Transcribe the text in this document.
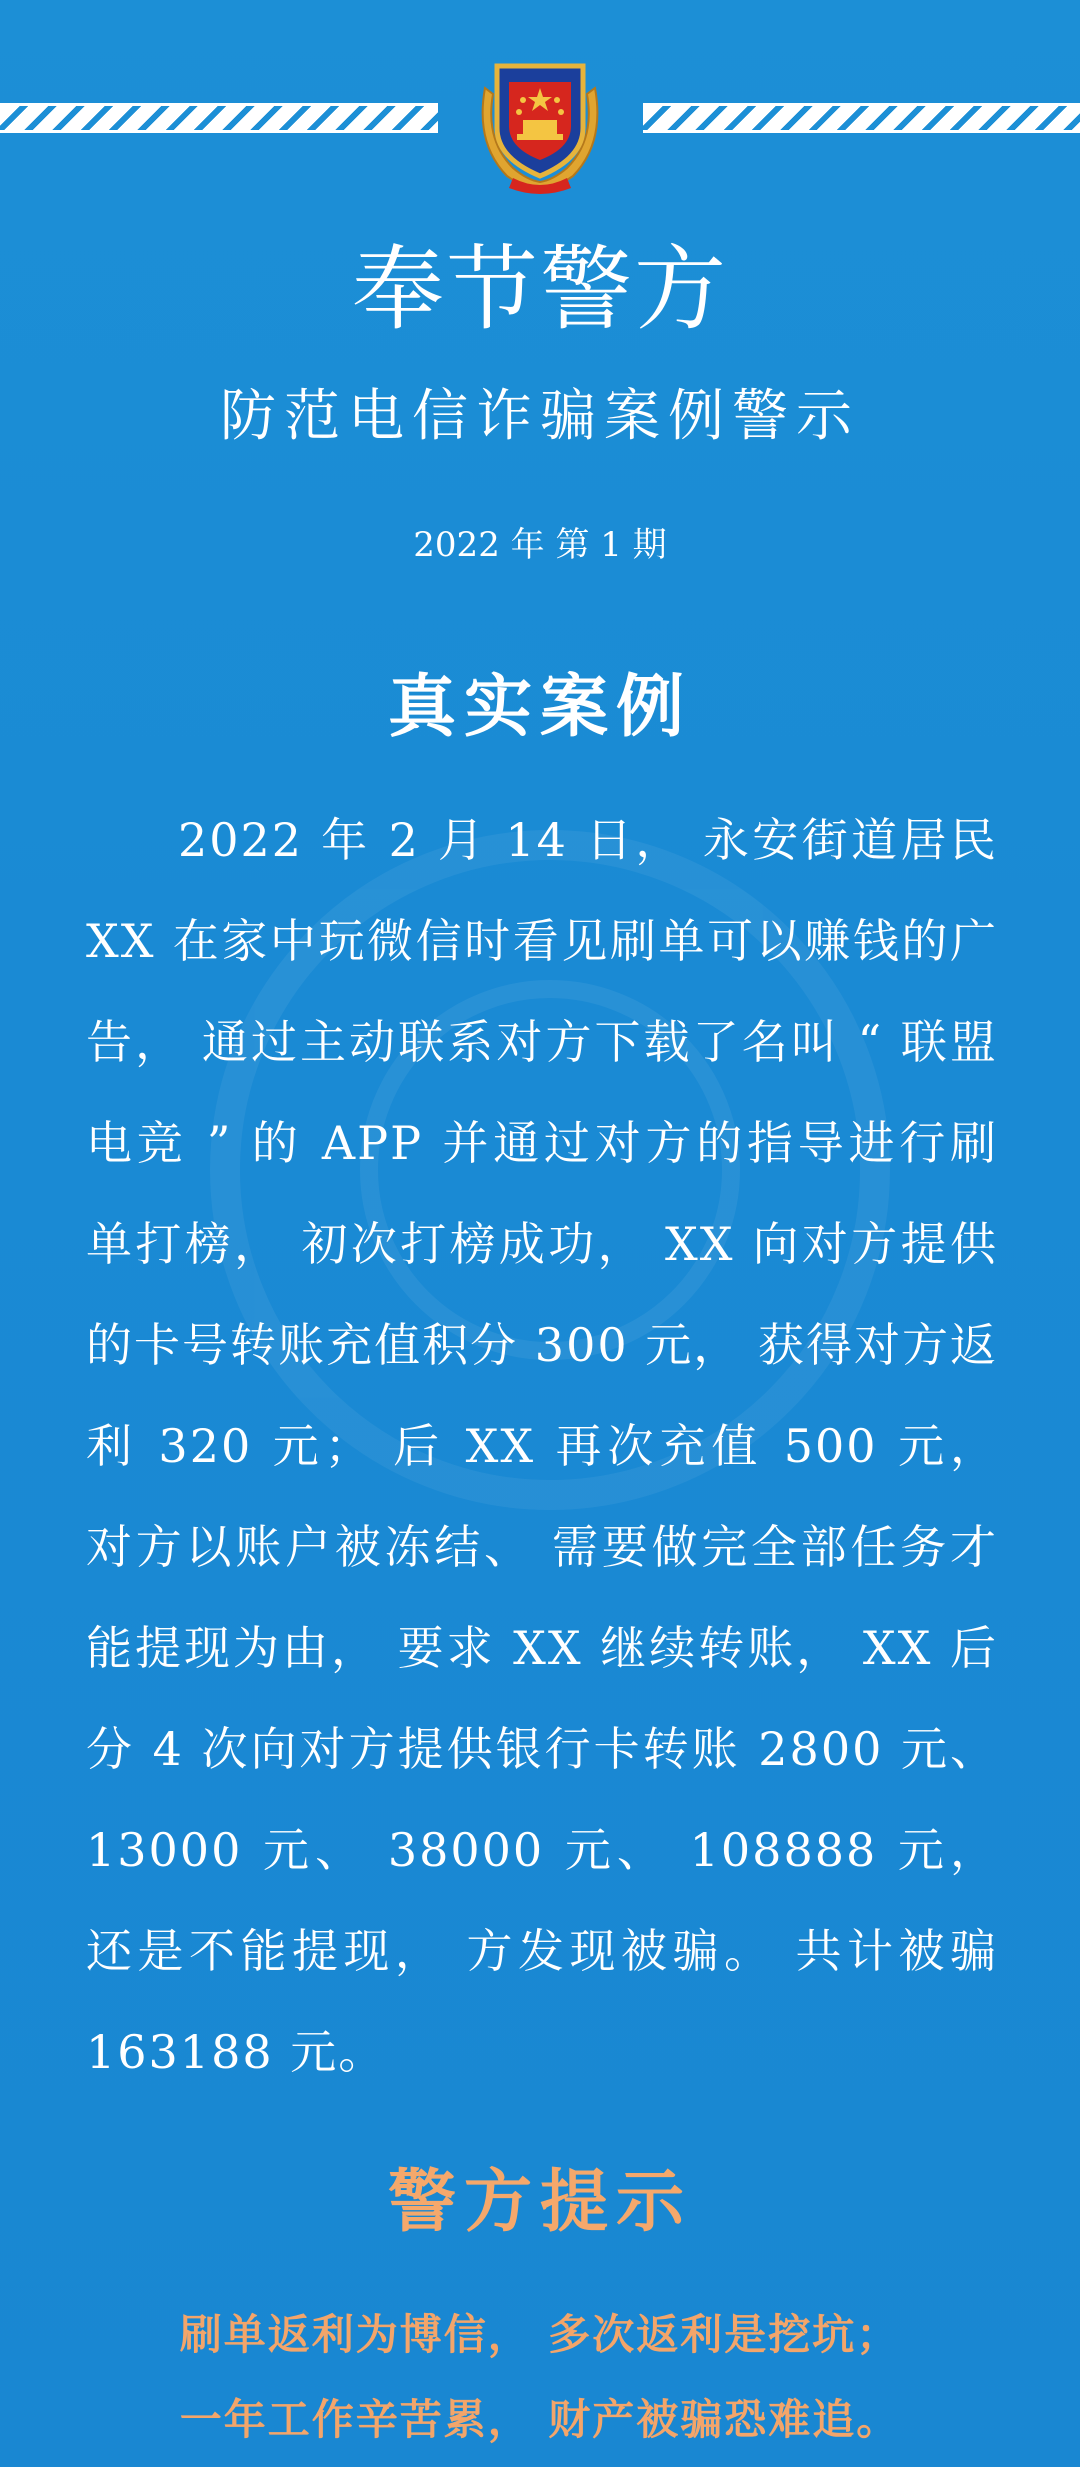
奉节警方
防范电信诈骗案例警示
2022 年 第 1 期
真实案例

2022 年 2 月 14 日， 永安街道居民 XX 在家中玩微信时看见刷单可以赚钱的广告， 通过主动联系对方下载了名叫 “ 联盟电竞 ” 的 APP 并通过对方的指导进行刷单打榜， 初次打榜成功， XX 向对方提供的卡号转账充值积分 300 元， 获得对方返利 320 元； 后 XX 再次充值 500 元， 对方以账户被冻结、 需要做完全部任务才能提现为由， 要求 XX 继续转账， XX 后分 4 次向对方提供银行卡转账 2800 元、 13000 元、 38000 元、 108888 元， 还是不能提现， 方发现被骗。 共计被骗 163188 元。

警方提示
刷单返利为博信， 多次返利是挖坑；
一年工作辛苦累， 财产被骗恐难追。
